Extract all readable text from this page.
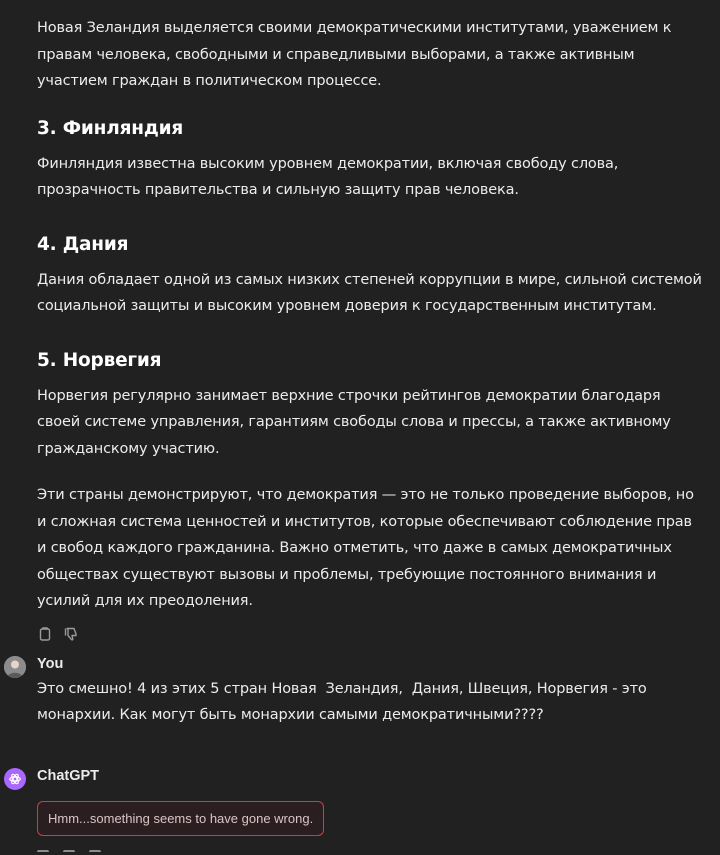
Новая Зеландия выделяется своими демократическими институтами, уважением к правам человека, свободными и справедливыми выборами, а также активным участием граждан в политическом процессе.

3. Финляндия

Финляндия известна высоким уровнем демократии, включая свободу слова, прозрачность правительства и сильную защиту прав человека.

4. Дания

Дания обладает одной из самых низких степеней коррупции в мире, сильной системой социальной защиты и высоким уровнем доверия к государственным институтам.

5. Норвегия

Норвегия регулярно занимает верхние строчки рейтингов демократии благодаря своей системе управления, гарантиям свободы слова и прессы, а также активному гражданскому участию.

Эти страны демонстрируют, что демократия — это не только проведение выборов, но и сложная система ценностей и институтов, которые обеспечивают соблюдение прав и свобод каждого гражданина. Важно отметить, что даже в самых демократичных обществах существуют вызовы и проблемы, требующие постоянного внимания и усилий для их преодоления.

You
Это смешно! 4 из этих 5 стран Новая  Зеландия,  Дания, Швеция, Норвегия - это монархии. Как могут быть монархии самыми демократичными????
ChatGPT
Hmm...something seems to have gone wrong.
